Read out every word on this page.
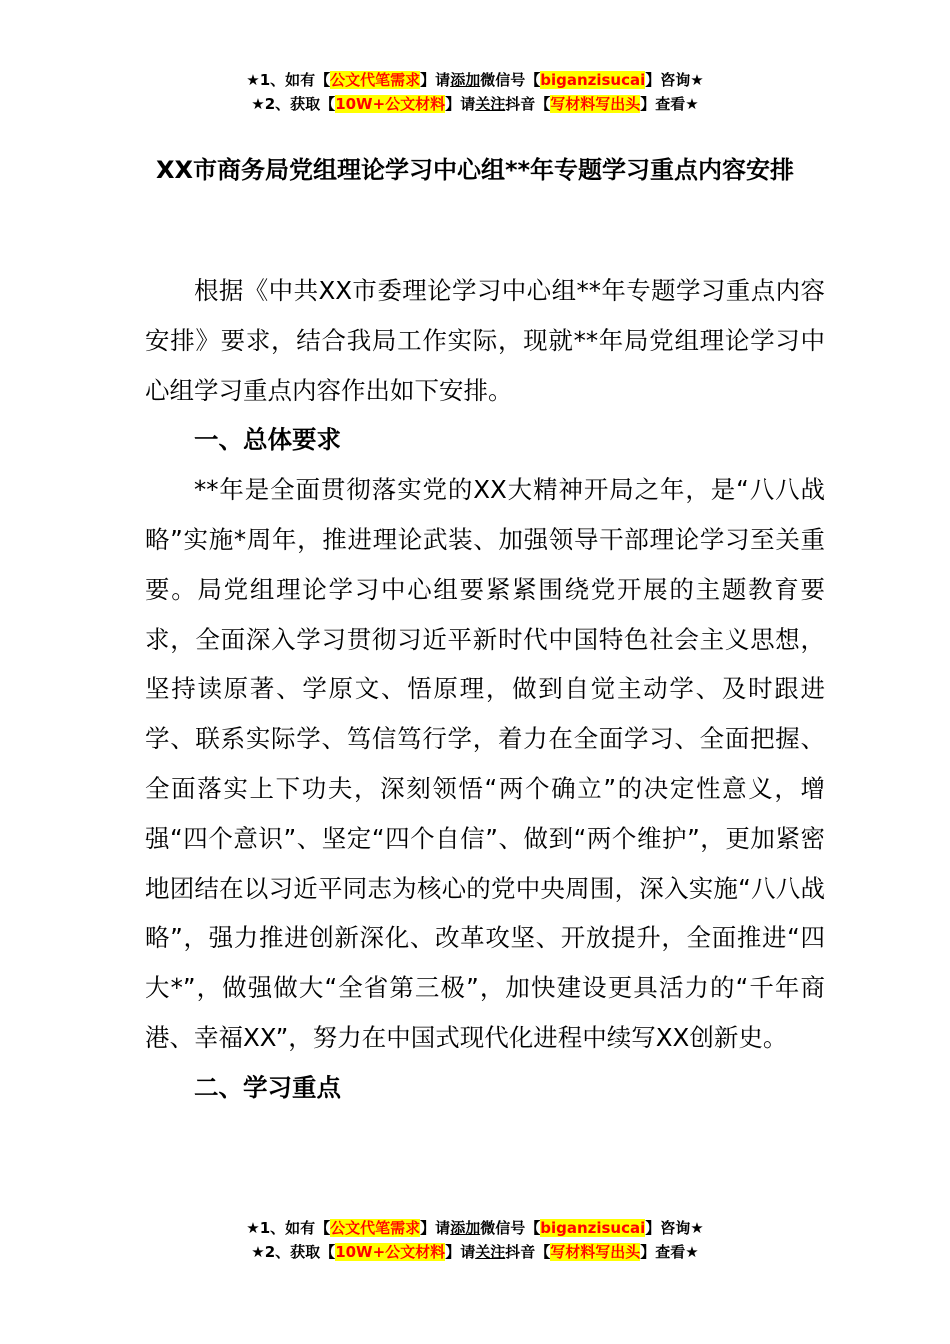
★1、如有【公文代笔需求】请添加微信号【biganzisucai】咨询★
★2、获取【10W+公文材料】请关注抖音【写材料写出头】查看★
XX市商务局党组理论学习中心组**年专题学习重点内容安排

根据《中共XX市委理论学习中心组**年专题学习重点内容安排》要求，结合我局工作实际，现就**年局党组理论学习中心组学习重点内容作出如下安排。

一、总体要求

**年是全面贯彻落实党的XX大精神开局之年，是“八八战略”实施*周年，推进理论武装、加强领导干部理论学习至关重要。局党组理论学习中心组要紧紧围绕党开展的主题教育要求，全面深入学习贯彻习近平新时代中国特色社会主义思想，坚持读原著、学原文、悟原理，做到自觉主动学、及时跟进学、联系实际学、笃信笃行学，着力在全面学习、全面把握、全面落实上下功夫，深刻领悟“两个确立”的决定性意义，增强“四个意识”、坚定“四个自信”、做到“两个维护”，更加紧密地团结在以习近平同志为核心的党中央周围，深入实施“八八战略”，强力推进创新深化、改革攻坚、开放提升，全面推进“四大*”，做强做大“全省第三极”，加快建设更具活力的“千年商港、幸福XX”，努力在中国式现代化进程中续写XX创新史。

二、学习重点

★1、如有【公文代笔需求】请添加微信号【biganzisucai】咨询★
★2、获取【10W+公文材料】请关注抖音【写材料写出头】查看★
